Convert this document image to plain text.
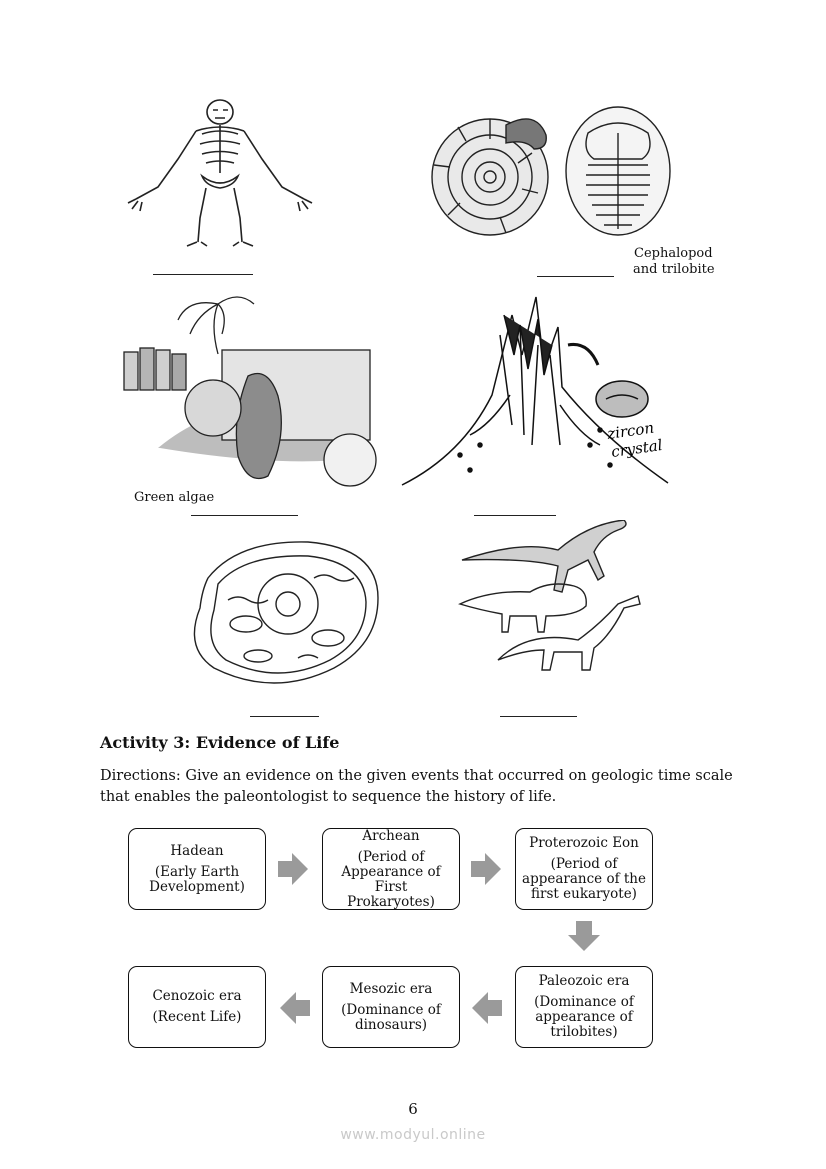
Cephalopod
and trilobite
Green algae
zircon
crystal
Activity 3: Evidence of Life
Directions: Give an evidence on the given events that occurred on geologic time scale that enables the paleontologist to sequence the history of life.
Hadean
(Early Earth Development)
Archean
(Period of Appearance of First Prokaryotes)
Proterozoic Eon
(Period of appearance of the first eukaryote)
Paleozoic era
(Dominance of appearance of trilobites)
Mesozic era
(Dominance of dinosaurs)
Cenozoic era
(Recent Life)
6
www.modyul.online
